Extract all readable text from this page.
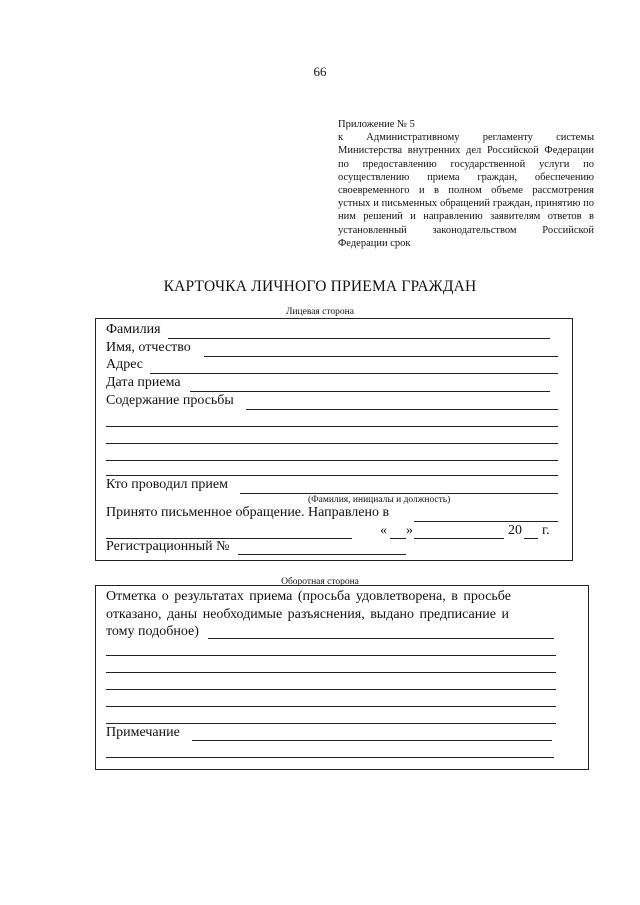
66
Приложение № 5
к Административному регламенту системы Министерства внутренних дел Российской Федерации по предоставлению государственной услуги по осуществлению приема граждан, обеспечению своевременного и в полном объеме рассмотрения устных и письменных обращений граждан, принятию по ним решений и направлению заявителям ответов в установленный законодательством Российской Федерации срок
КАРТОЧКА ЛИЧНОГО ПРИЕМА ГРАЖДАН
Лицевая сторона
Фамилия
Имя, отчество
Адрес
Дата приема
Содержание просьбы
Кто проводил прием
(Фамилия, инициалы и должность)
Принято письменное обращение. Направлено в
« »	20 г.
Регистрационный №
Оборотная сторона
Отметка о результатах приема (просьба удовлетворена, в просьбе
отказано, даны необходимые разъяснения, выдано предписание и
тому подобное)
Примечание
